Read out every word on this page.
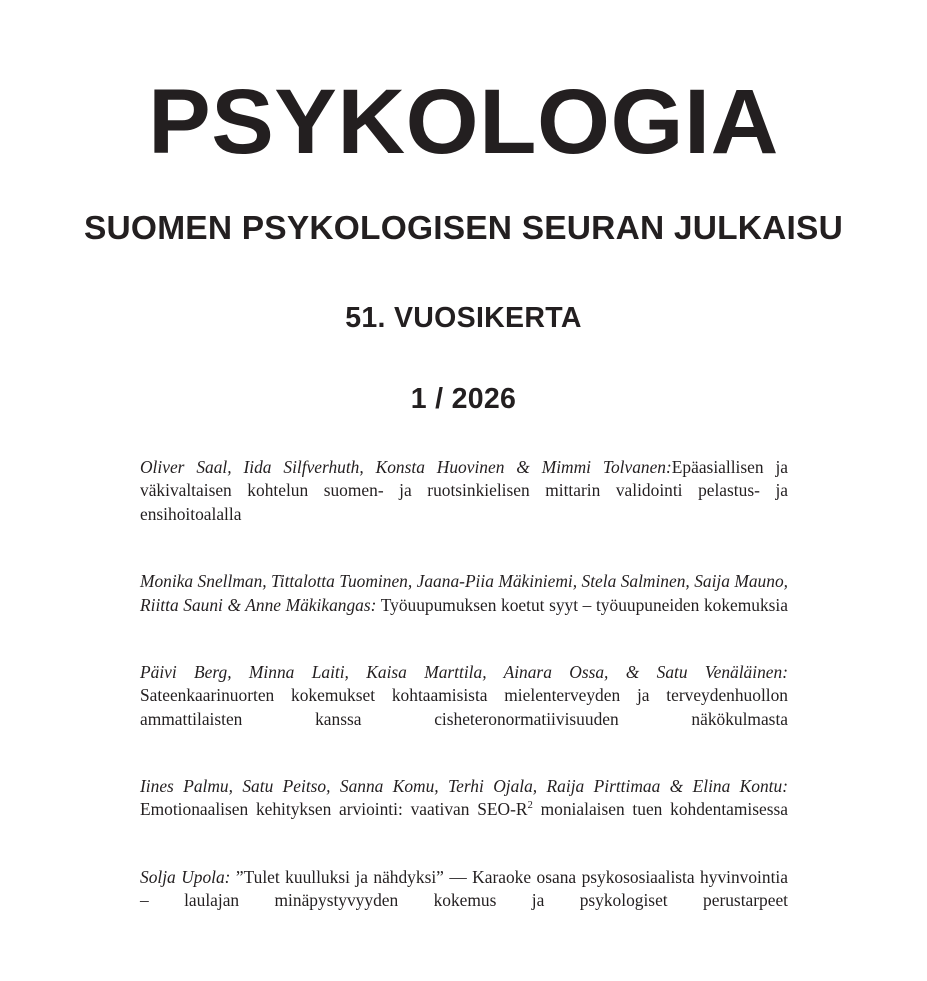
PSYKOLOGIA
SUOMEN PSYKOLOGISEN SEURAN JULKAISU
51. VUOSIKERTA
1 / 2026

Oliver Saal, Iida Silfverhuth, Konsta Huovinen & Mimmi Tolvanen:Epäasiallisen ja väkivaltaisen kohtelun suomen- ja ruotsinkielisen mittarin validointi pelastus- ja ensihoitoalalla

Monika Snellman, Tittalotta Tuominen, Jaana-Piia Mäkiniemi, Stela Salminen, Saija Mauno, Riitta Sauni & Anne Mäkikangas: Työuupumuksen koetut syyt – työuupuneiden kokemuksia

Päivi Berg, Minna Laiti, Kaisa Marttila, Ainara Ossa, & Satu Venäläinen: Sateenkaarinuorten kokemukset kohtaamisista mielenterveyden ja terveydenhuollon ammattilaisten kanssa cisheteronormatiivisuuden näkökulmasta

Iines Palmu, Satu Peitso, Sanna Komu, Terhi Ojala, Raija Pirttimaa & Elina Kontu: Emotionaalisen kehityksen arviointi: vaativan SEO-$R^2$ monialaisen tuen kohdentamisessa

Solja Upola: ”Tulet kuulluksi ja nähdyksi” — Karaoke osana psykososiaalista hyvinvointia – laulajan minäpystyvyyden kokemus ja psykologiset perustarpeet
